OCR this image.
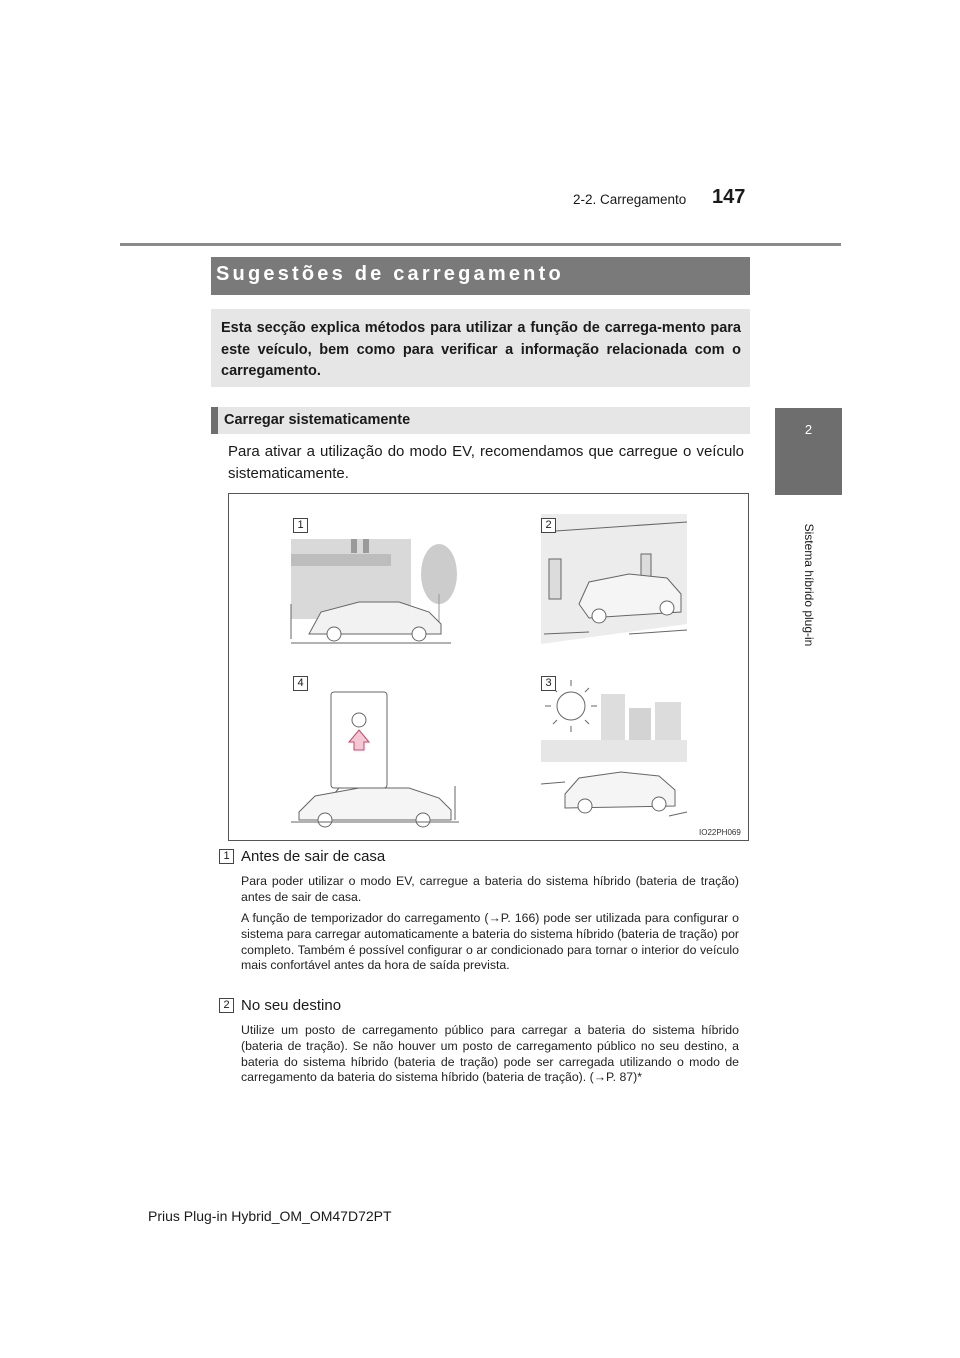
147
2-2. Carregamento
2
Sistema híbrido plug-in
Sugestões de carregamento

Esta secção explica métodos para utilizar a função de carrega-mento para este veículo, bem como para verificar a informação relacionada com o carregamento.

Carregar sistematicamente
Para ativar a utilização do modo EV, recomendamos que carregue o veículo sistematicamente.
1	2
4	3
IO22PH069
1 Antes de sair de casa
Para poder utilizar o modo EV, carregue a bateria do sistema híbrido (bateria de tração) antes de sair de casa.
A função de temporizador do carregamento (→P. 166) pode ser utilizada para configurar o sistema para carregar automaticamente a bateria do sistema híbrido (bateria de tração) por completo. Também é possível configurar o ar condicionado para tornar o interior do veículo mais confortável antes da hora de saída prevista.
2 No seu destino
Utilize um posto de carregamento público para carregar a bateria do sistema híbrido (bateria de tração). Se não houver um posto de carregamento público no seu destino, a bateria do sistema híbrido (bateria de tração) pode ser carregada utilizando o modo de carregamento da bateria do sistema híbrido (bateria de tração). (→P. 87)*
Prius Plug-in Hybrid_OM_OM47D72PT
